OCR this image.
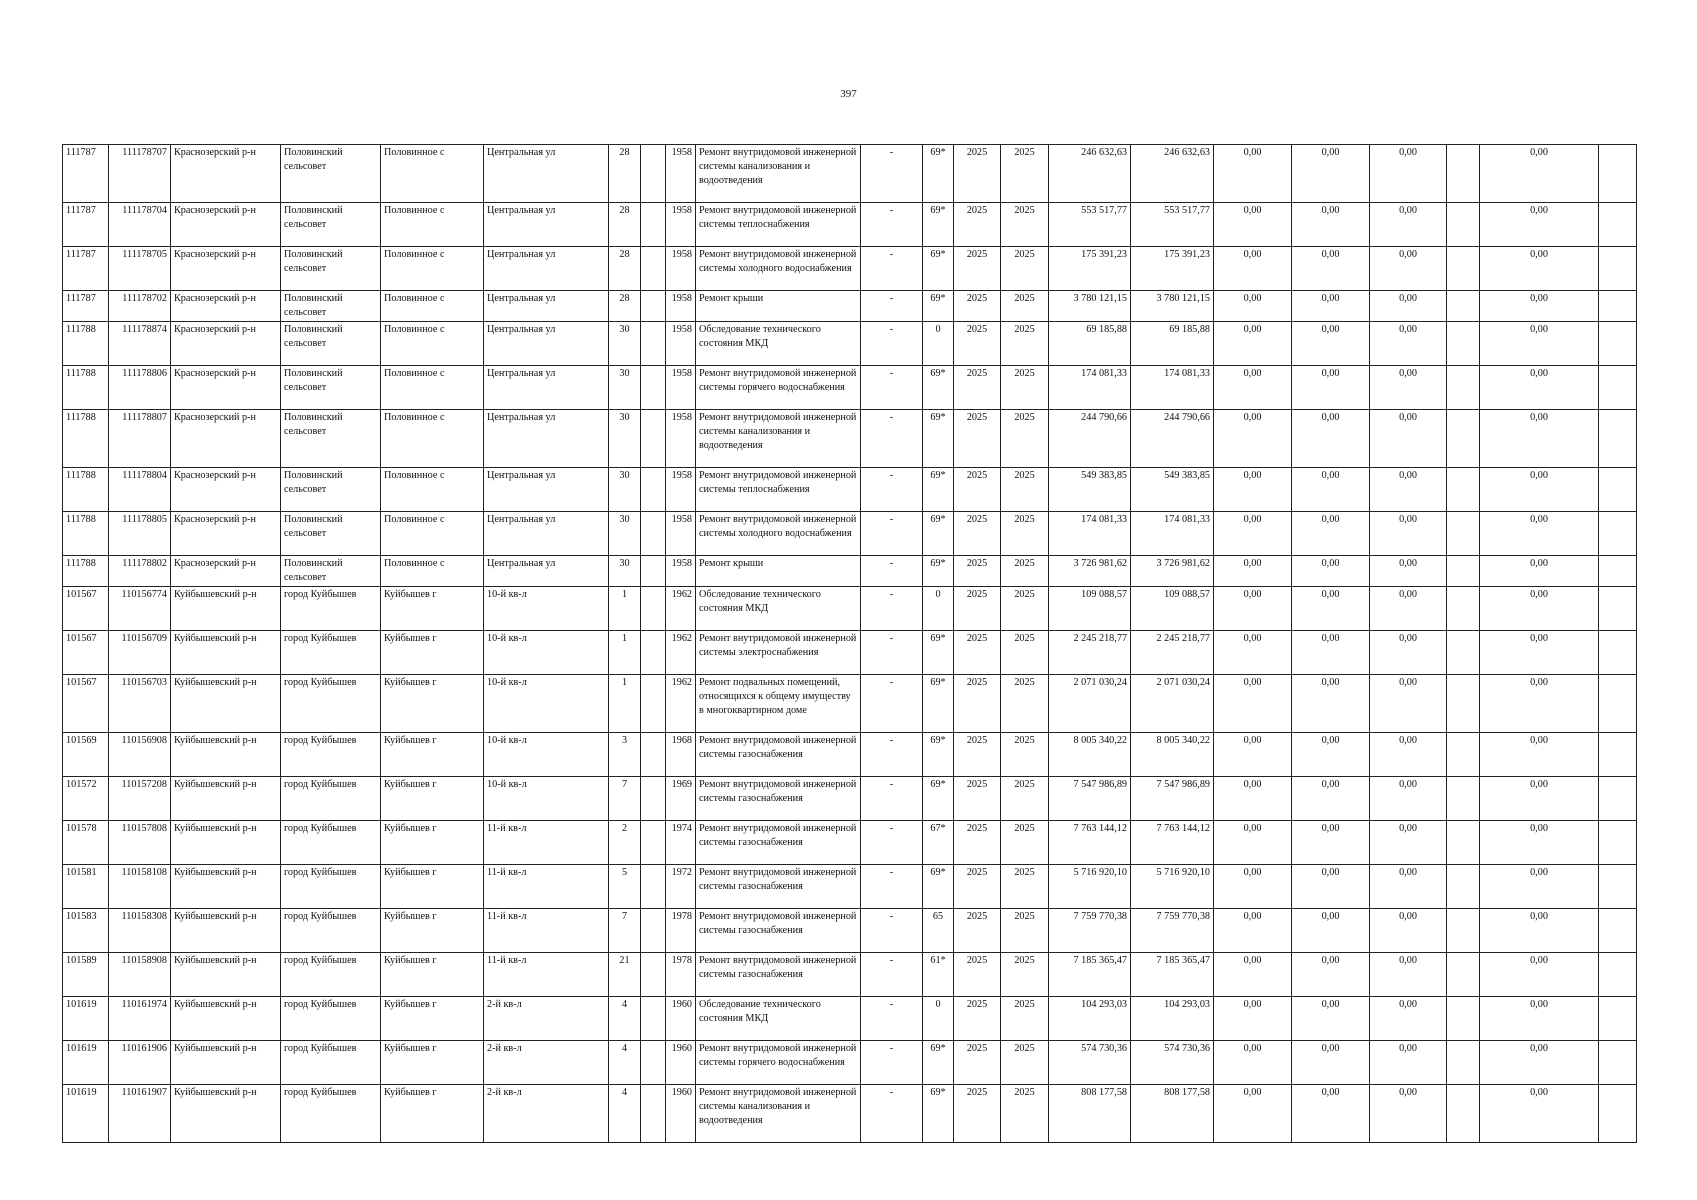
397
111787	111178707	Краснозерский р-н	Половинский сельсовет	Половинное с	Центральная ул	28		1958	Ремонт внутридомовой инженерной системы канализования и водоотведения	-	69*	2025	2025	246 632,63	246 632,63	0,00	0,00	0,00		0,00	
111787	111178704	Краснозерский р-н	Половинский сельсовет	Половинное с	Центральная ул	28		1958	Ремонт внутридомовой инженерной системы теплоснабжения	-	69*	2025	2025	553 517,77	553 517,77	0,00	0,00	0,00		0,00	
111787	111178705	Краснозерский р-н	Половинский сельсовет	Половинное с	Центральная ул	28		1958	Ремонт внутридомовой инженерной системы холодного водоснабжения	-	69*	2025	2025	175 391,23	175 391,23	0,00	0,00	0,00		0,00	
111787	111178702	Краснозерский р-н	Половинский сельсовет	Половинное с	Центральная ул	28		1958	Ремонт крыши	-	69*	2025	2025	3 780 121,15	3 780 121,15	0,00	0,00	0,00		0,00	
111788	111178874	Краснозерский р-н	Половинский сельсовет	Половинное с	Центральная ул	30		1958	Обследование технического состояния МКД	-	0	2025	2025	69 185,88	69 185,88	0,00	0,00	0,00		0,00	
111788	111178806	Краснозерский р-н	Половинский сельсовет	Половинное с	Центральная ул	30		1958	Ремонт внутридомовой инженерной системы горячего водоснабжения	-	69*	2025	2025	174 081,33	174 081,33	0,00	0,00	0,00		0,00	
111788	111178807	Краснозерский р-н	Половинский сельсовет	Половинное с	Центральная ул	30		1958	Ремонт внутридомовой инженерной системы канализования и водоотведения	-	69*	2025	2025	244 790,66	244 790,66	0,00	0,00	0,00		0,00	
111788	111178804	Краснозерский р-н	Половинский сельсовет	Половинное с	Центральная ул	30		1958	Ремонт внутридомовой инженерной системы теплоснабжения	-	69*	2025	2025	549 383,85	549 383,85	0,00	0,00	0,00		0,00	
111788	111178805	Краснозерский р-н	Половинский сельсовет	Половинное с	Центральная ул	30		1958	Ремонт внутридомовой инженерной системы холодного водоснабжения	-	69*	2025	2025	174 081,33	174 081,33	0,00	0,00	0,00		0,00	
111788	111178802	Краснозерский р-н	Половинский сельсовет	Половинное с	Центральная ул	30		1958	Ремонт крыши	-	69*	2025	2025	3 726 981,62	3 726 981,62	0,00	0,00	0,00		0,00	
101567	110156774	Куйбышевский р-н	город Куйбышев	Куйбышев г	10-й кв-л	1		1962	Обследование технического состояния МКД	-	0	2025	2025	109 088,57	109 088,57	0,00	0,00	0,00		0,00	
101567	110156709	Куйбышевский р-н	город Куйбышев	Куйбышев г	10-й кв-л	1		1962	Ремонт внутридомовой инженерной системы электроснабжения	-	69*	2025	2025	2 245 218,77	2 245 218,77	0,00	0,00	0,00		0,00	
101567	110156703	Куйбышевский р-н	город Куйбышев	Куйбышев г	10-й кв-л	1		1962	Ремонт подвальных помещений, относящихся к общему имуществу в многоквартирном доме	-	69*	2025	2025	2 071 030,24	2 071 030,24	0,00	0,00	0,00		0,00	
101569	110156908	Куйбышевский р-н	город Куйбышев	Куйбышев г	10-й кв-л	3		1968	Ремонт внутридомовой инженерной системы газоснабжения	-	69*	2025	2025	8 005 340,22	8 005 340,22	0,00	0,00	0,00		0,00	
101572	110157208	Куйбышевский р-н	город Куйбышев	Куйбышев г	10-й кв-л	7		1969	Ремонт внутридомовой инженерной системы газоснабжения	-	69*	2025	2025	7 547 986,89	7 547 986,89	0,00	0,00	0,00		0,00	
101578	110157808	Куйбышевский р-н	город Куйбышев	Куйбышев г	11-й кв-л	2		1974	Ремонт внутридомовой инженерной системы газоснабжения	-	67*	2025	2025	7 763 144,12	7 763 144,12	0,00	0,00	0,00		0,00	
101581	110158108	Куйбышевский р-н	город Куйбышев	Куйбышев г	11-й кв-л	5		1972	Ремонт внутридомовой инженерной системы газоснабжения	-	69*	2025	2025	5 716 920,10	5 716 920,10	0,00	0,00	0,00		0,00	
101583	110158308	Куйбышевский р-н	город Куйбышев	Куйбышев г	11-й кв-л	7		1978	Ремонт внутридомовой инженерной системы газоснабжения	-	65	2025	2025	7 759 770,38	7 759 770,38	0,00	0,00	0,00		0,00	
101589	110158908	Куйбышевский р-н	город Куйбышев	Куйбышев г	11-й кв-л	21		1978	Ремонт внутридомовой инженерной системы газоснабжения	-	61*	2025	2025	7 185 365,47	7 185 365,47	0,00	0,00	0,00		0,00	
101619	110161974	Куйбышевский р-н	город Куйбышев	Куйбышев г	2-й кв-л	4		1960	Обследование технического состояния МКД	-	0	2025	2025	104 293,03	104 293,03	0,00	0,00	0,00		0,00	
101619	110161906	Куйбышевский р-н	город Куйбышев	Куйбышев г	2-й кв-л	4		1960	Ремонт внутридомовой инженерной системы горячего водоснабжения	-	69*	2025	2025	574 730,36	574 730,36	0,00	0,00	0,00		0,00	
101619	110161907	Куйбышевский р-н	город Куйбышев	Куйбышев г	2-й кв-л	4		1960	Ремонт внутридомовой инженерной системы канализования и водоотведения	-	69*	2025	2025	808 177,58	808 177,58	0,00	0,00	0,00		0,00	
